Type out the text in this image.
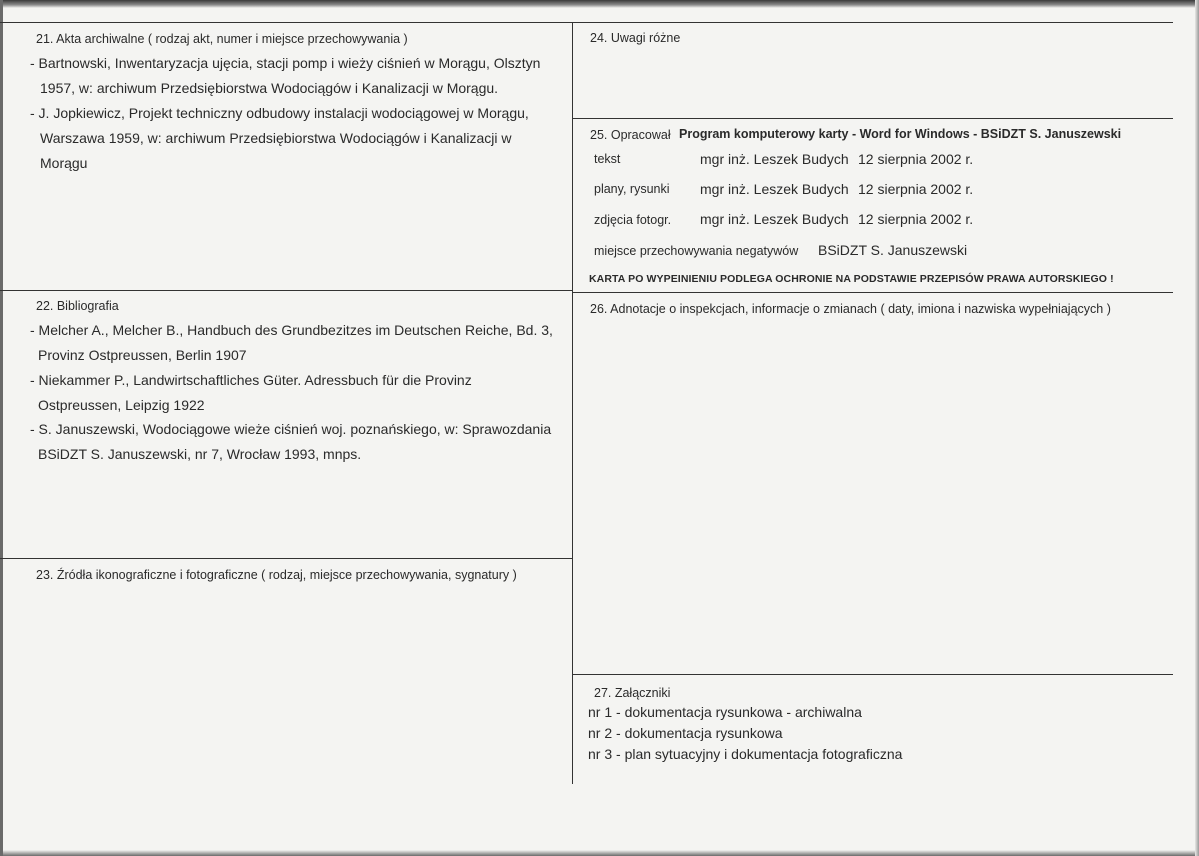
21. Akta archiwalne ( rodzaj akt, numer i miejsce przechowywania )
- Bartnowski, Inwentaryzacja ujęcia, stacji pomp i wieży ciśnień w Morągu, Olsztyn
1957, w: archiwum Przedsiębiorstwa Wodociągów i Kanalizacji w Morągu.
- J. Jopkiewicz, Projekt techniczny odbudowy instalacji wodociągowej w Morągu,
Warszawa 1959, w: archiwum Przedsiębiorstwa Wodociągów i Kanalizacji w
Morągu
22. Bibliografia
- Melcher A., Melcher B., Handbuch des Grundbezitzes im Deutschen Reiche, Bd. 3,
Provinz Ostpreussen, Berlin 1907
- Niekammer P., Landwirtschaftliches Güter. Adressbuch für die Provinz
Ostpreussen, Leipzig 1922
- S. Januszewski, Wodociągowe wieże ciśnień woj. poznańskiego, w: Sprawozdania
BSiDZT S. Januszewski, nr 7, Wrocław 1993, mnps.
23. Źródła ikonograficzne i fotograficzne ( rodzaj, miejsce przechowywania, sygnatury )
24. Uwagi różne
25. Opracował Program komputerowy karty - Word for Windows - BSiDZT S. Januszewski
tekst	mgr inż. Leszek Budych 12 sierpnia 2002 r.
plany, rysunki mgr inż. Leszek Budych 12 sierpnia 2002 r.
zdjęcia fotogr. mgr inż. Leszek Budych 12 sierpnia 2002 r.
miejsce przechowywania negatywów BSiDZT S. Januszewski
KARTA PO WYPEINIENIU PODLEGA OCHRONIE NA PODSTAWIE PRZEPISÓW PRAWA AUTORSKIEGO !
26. Adnotacje o inspekcjach, informacje o zmianach ( daty, imiona i nazwiska wypełniających )
27. Załączniki
nr 1 - dokumentacja rysunkowa - archiwalna
nr 2 - dokumentacja rysunkowa
nr 3 - plan sytuacyjny i dokumentacja fotograficzna
